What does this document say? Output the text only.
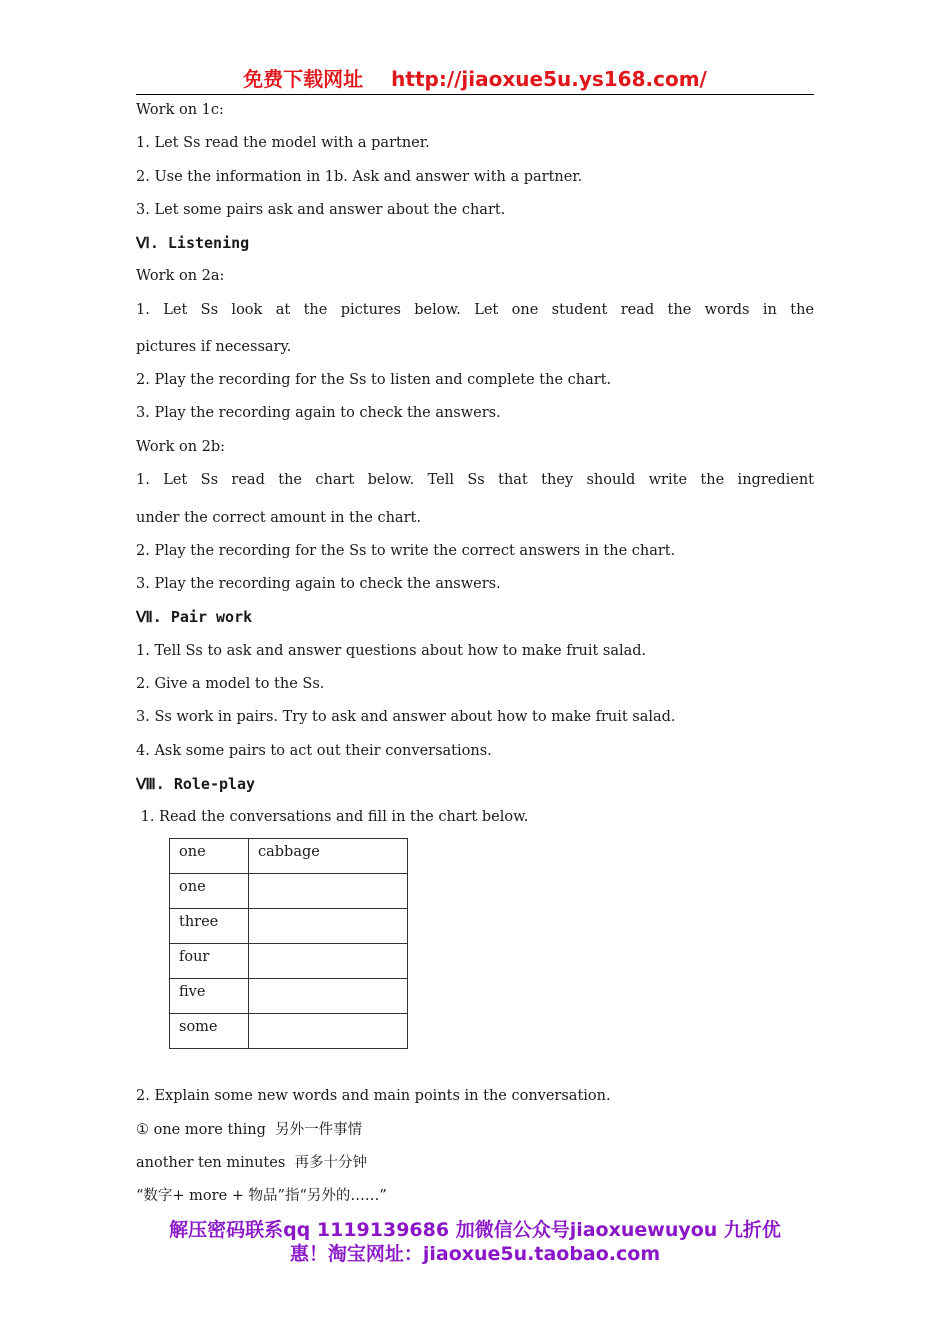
免费下载网址 http://jiaoxue5u.ys168.com/
Work on 1c:
1. Let Ss read the model with a partner.
2. Use the information in 1b. Ask and answer with a partner.
3. Let some pairs ask and answer about the chart.
Ⅵ. Listening
Work on 2a:
1. Let Ss look at the pictures below. Let one student read the words in the
pictures if necessary.
2. Play the recording for the Ss to listen and complete the chart.
3. Play the recording again to check the answers.
Work on 2b:
1. Let Ss read the chart below. Tell Ss that they should write the ingredient
under the correct amount in the chart.
2. Play the recording for the Ss to write the correct answers in the chart.
3. Play the recording again to check the answers.
Ⅶ. Pair work
1. Tell Ss to ask and answer questions about how to make fruit salad.
2. Give a model to the Ss.
3. Ss work in pairs. Try to ask and answer about how to make fruit salad.
4. Ask some pairs to act out their conversations.
Ⅷ. Role-play
1. Read the conversations and fill in the chart below.
one	cabbage
one	
three	
four	
five	
some	
2. Explain some new words and main points in the conversation.
① one more thing  另外一件事情
another ten minutes  再多十分钟
“数字+ more + 物品”指“另外的……”
解压密码联系qq 1119139686 加微信公众号jiaoxuewuyou 九折优
惠！淘宝网址：jiaoxue5u.taobao.com
